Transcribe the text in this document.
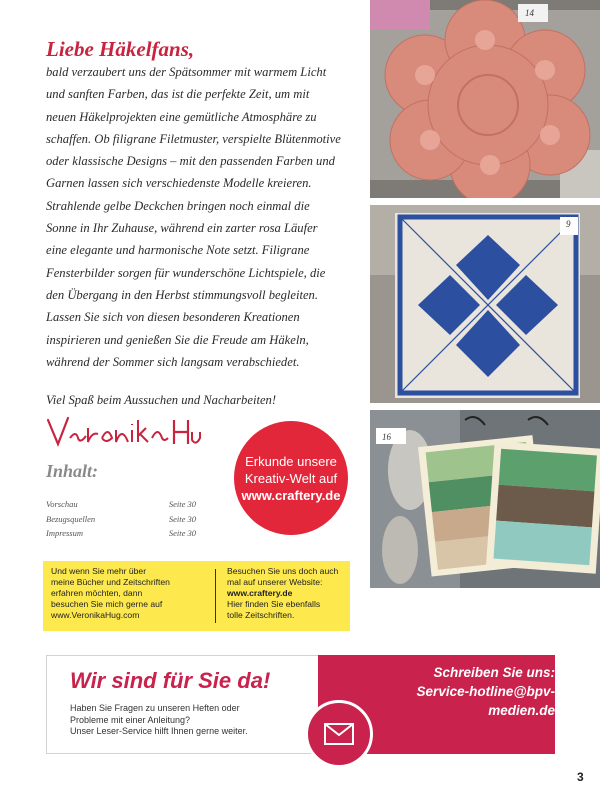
Liebe Häkelfans,
bald verzaubert uns der Spätsommer mit warmem Licht
und sanften Farben, das ist die perfekte Zeit, um mit
neuen Häkelprojekten eine gemütliche Atmosphäre zu
schaffen. Ob filigrane Filetmuster, verspielte Blütenmotive
oder klassische Designs – mit den passenden Farben und
Garnen lassen sich verschiedenste Modelle kreieren.
Strahlende gelbe Deckchen bringen noch einmal die
Sonne in Ihr Zuhause, während ein zarter rosa Läufer
eine elegante und harmonische Note setzt. Filigrane
Fensterbilder sorgen für wunderschöne Lichtspiele, die
den Übergang in den Herbst stimmungsvoll begleiten.
Lassen Sie sich von diesen besonderen Kreationen
inspirieren und genießen Sie die Freude am Häkeln,
während der Sommer sich langsam verabschiedet.

Viel Spaß beim Aussuchen und Nacharbeiten!

Inhalt:
Vorschau	Seite 30
Bezugsquellen	Seite 30
Impressum	Seite 30
Erkunde unsere
Kreativ-Welt auf
www.craftery.de
Und wenn Sie mehr über
meine Bücher und Zeitschriften
erfahren möchten, dann
besuchen Sie mich gerne auf
www.VeronikaHug.com
Besuchen Sie uns doch auch
mal auf unserer Website:
www.craftery.de
Hier finden Sie ebenfalls
tolle Zeitschriften.
Wir sind für Sie da!
Haben Sie Fragen zu unseren Heften oder
Probleme mit einer Anleitung?
Unser Leser-Service hilft Ihnen gerne weiter.
Schreiben Sie uns:
Service-hotline@bpv-
medien.de
3
14
9
16
